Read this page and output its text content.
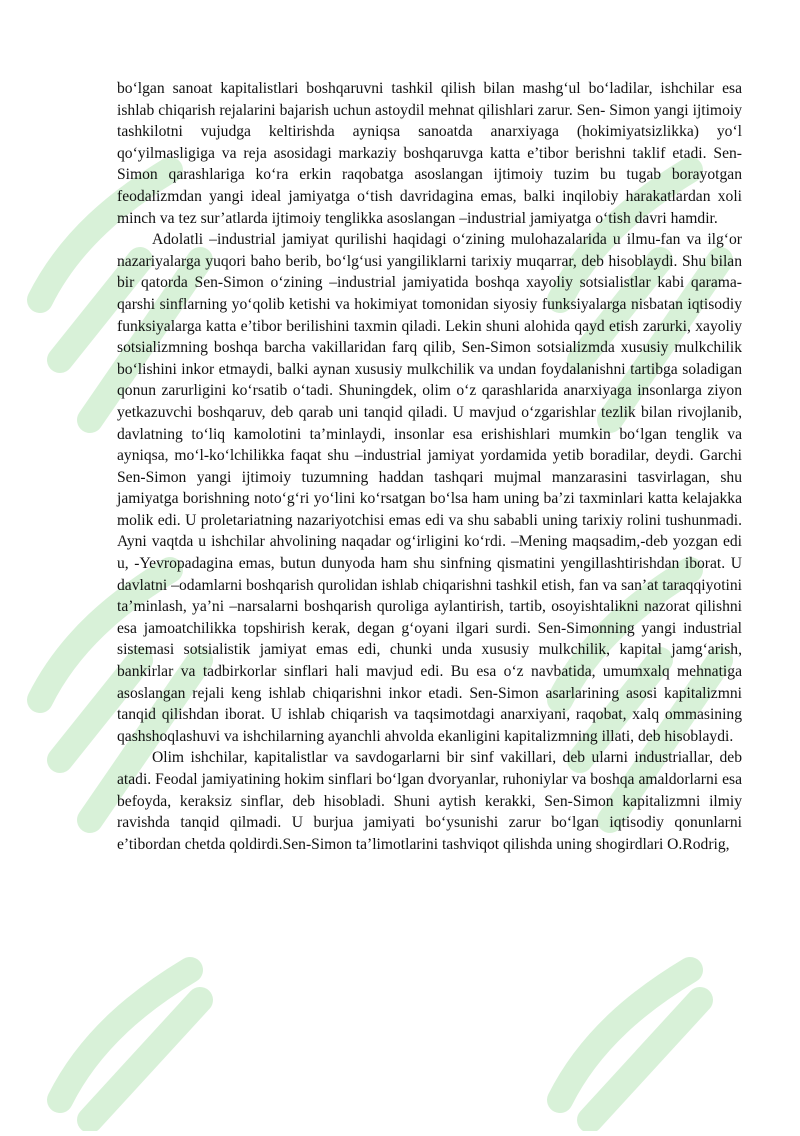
bo‘lgan sanoat kapitalistlari boshqaruvni tashkil qilish bilan mashg‘ul bo‘ladilar, ishchilar esa ishlab chiqarish rejalarini bajarish uchun astoydil mehnat qilishlari zarur. Sen- Simon yangi ijtimoiy tashkilotni vujudga keltirishda ayniqsa sanoatda anarxiyaga (hokimiyatsizlikka) yo‘l qo‘yilmasligiga va reja asosidagi markaziy boshqaruvga katta e’tibor berishni taklif etadi. Sen-Simon qarashlariga ko‘ra erkin raqobatga asoslangan ijtimoiy tuzim bu tugab borayotgan feodalizmdan yangi ideal jamiyatga o‘tish davridagina emas, balki inqilobiy harakatlardan xoli minch va tez sur’atlarda ijtimoiy tenglikka asoslangan –industrial jamiyatga o‘tish davri hamdir.

Adolatli –industrial jamiyat qurilishi haqidagi o‘zining mulohazalarida u ilmu-fan va ilg‘or nazariyalarga yuqori baho berib, bo‘lg‘usi yangiliklarni tarixiy muqarrar, deb hisoblaydi. Shu bilan bir qatorda Sen-Simon o‘zining –industrial jamiyatida boshqa xayoliy sotsialistlar kabi qarama-qarshi sinflarning yo‘qolib ketishi va hokimiyat tomonidan siyosiy funksiyalarga nisbatan iqtisodiy funksiyalarga katta e’tibor berilishini taxmin qiladi. Lekin shuni alohida qayd etish zarurki, xayoliy sotsializmning boshqa barcha vakillaridan farq qilib, Sen-Simon sotsializmda xususiy mulkchilik bo‘lishini inkor etmaydi, balki aynan xususiy mulkchilik va undan foydalanishni tartibga soladigan qonun zarurligini ko‘rsatib o‘tadi. Shuningdek, olim o‘z qarashlarida anarxiyaga insonlarga ziyon yetkazuvchi boshqaruv, deb qarab uni tanqid qiladi. U mavjud o‘zgarishlar tezlik bilan rivojlanib, davlatning to‘liq kamolotini ta’minlaydi, insonlar esa erishishlari mumkin bo‘lgan tenglik va ayniqsa, mo‘l-ko‘lchilikka faqat shu –industrial jamiyat yordamida yetib boradilar, deydi. Garchi Sen-Simon yangi ijtimoiy tuzumning haddan tashqari mujmal manzarasini tasvirlagan, shu jamiyatga borishning noto‘g‘ri yo‘lini ko‘rsatgan bo‘lsa ham uning ba’zi taxminlari katta kelajakka molik edi. U proletariatning nazariyotchisi emas edi va shu sababli uning tarixiy rolini tushunmadi. Ayni vaqtda u ishchilar ahvolining naqadar og‘irligini ko‘rdi. –Mening maqsadim,-deb yozgan edi u, -Yevropadagina emas, butun dunyoda ham shu sinfning qismatini yengillashtirishdan iborat. U davlatni –odamlarni boshqarish qurolidan ishlab chiqarishni tashkil etish, fan va san’at taraqqiyotini ta’minlash, ya’ni –narsalarni boshqarish quroliga aylantirish, tartib, osoyishtalikni nazorat qilishni esa jamoatchilikka topshirish kerak, degan g‘oyani ilgari surdi. Sen-Simonning yangi industrial sistemasi sotsialistik jamiyat emas edi, chunki unda xususiy mulkchilik, kapital jamg‘arish, bankirlar va tadbirkorlar sinflari hali mavjud edi. Bu esa o‘z navbatida, umumxalq mehnatiga asoslangan rejali keng ishlab chiqarishni inkor etadi. Sen-Simon asarlarining asosi kapitalizmni tanqid qilishdan iborat. U ishlab chiqarish va taqsimotdagi anarxiyani, raqobat, xalq ommasining qashshoqlashuvi va ishchilarning ayanchli ahvolda ekanligini kapitalizmning illati, deb hisoblaydi.

Olim ishchilar, kapitalistlar va savdogarlarni bir sinf vakillari, deb ularni industriallar, deb atadi. Feodal jamiyatining hokim sinflari bo‘lgan dvoryanlar, ruhoniylar va boshqa amaldorlarni esa befoyda, keraksiz sinflar, deb hisobladi. Shuni aytish kerakki, Sen-Simon kapitalizmni ilmiy ravishda tanqid qilmadi. U burjua jamiyati bo‘ysunishi zarur bo‘lgan iqtisodiy qonunlarni e’tibordan chetda qoldirdi.Sen-Simon ta’limotlarini tashviqot qilishda uning shogirdlari O.Rodrig,
